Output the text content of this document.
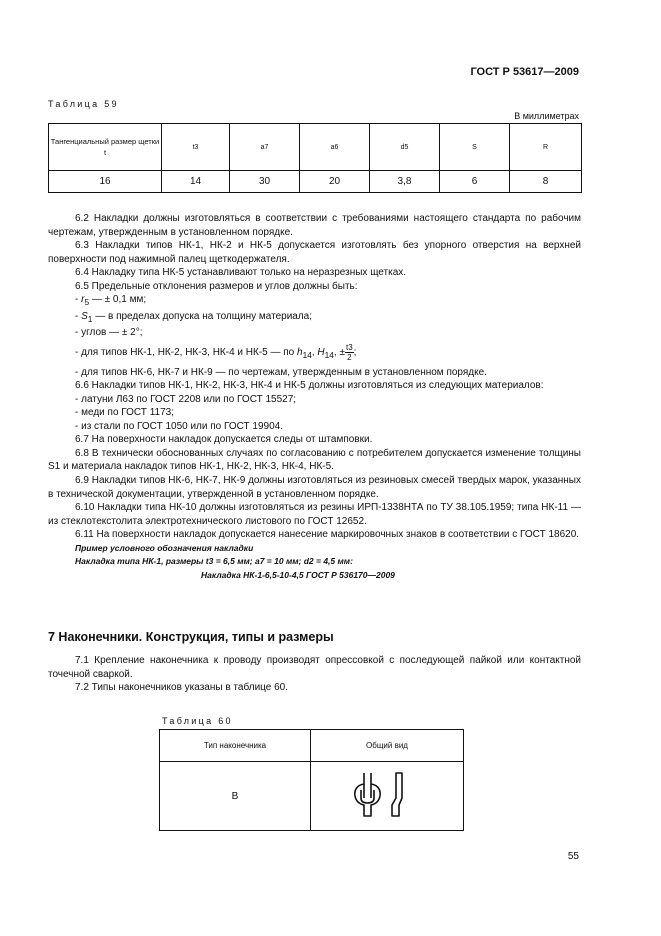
ГОСТ Р 53617—2009
Таблица 59
В миллиметрах
Тангенциальный размер щетки t	t3	a7	a6	d5	S	R
16	14	30	20	3,8	6	8

6.2 Накладки должны изготовляться в соответствии с требованиями настоящего стандарта по рабочим чертежам, утвержденным в установленном порядке.

6.3 Накладки типов НК-1, НК-2 и НК-5 допускается изготовлять без упорного отверстия на верхней поверхности под нажимной палец щеткодержателя.

6.4 Накладку типа НК-5 устанавливают только на неразрезных щетках.

6.5 Предельные отклонения размеров и углов должны быть:

- $r_5$ — ± 0,1 мм;

- $S_1$ — в пределах допуска на толщину материала;

- углов — ± 2°;

- для типов НК-1, НК-2, НК-3, НК-4 и НК-5 — по $h_{14}$, $H_{14}$, ± $\frac{t3}{2}$ ;

- для типов НК-6, НК-7 и НК-9 — по чертежам, утвержденным в установленном порядке.

6.6 Накладки типов НК-1, НК-2, НК-3, НК-4 и НК-5 должны изготовляться из следующих материалов:

- латуни Л63 по ГОСТ 2208 или по ГОСТ 15527;

- меди по ГОСТ 1173;

- из стали по ГОСТ 1050 или по ГОСТ 19904.

6.7 На поверхности накладок допускается следы от штамповки.

6.8 В технически обоснованных случаях по согласованию с потребителем допускается изменение толщины S1 и материала накладок типов НК-1, НК-2, НК-3, НК-4, НК-5.

6.9 Накладки типов НК-6, НК-7, НК-9 должны изготовляться из резиновых смесей твердых марок, указанных в технической документации, утвержденной в установленном порядке.

6.10 Накладки типа НК-10 должны изготовляться из резины ИРП-1338НТА по ТУ 38.105.1959; типа НК-11 — из стеклотекстолита электротехнического листового по ГОСТ 12652.

6.11 На поверхности накладок допускается нанесение маркировочных знаков в соответствии с ГОСТ 18620.

Пример условного обозначения накладки

Накладка типа НК-1, размеры t3 = 6,5 мм; a7 = 10 мм; d2 = 4,5 мм:

Накладка НК-1-6,5-10-4,5 ГОСТ Р 536170—2009

7 Наконечники. Конструкция, типы и размеры

7.1 Крепление наконечника к проводу производят опрессовкой с последующей пайкой или контактной точечной сваркой.

7.2 Типы наконечников указаны в таблице 60.

Таблица 60
Тип наконечника	Общий вид
В	
55
